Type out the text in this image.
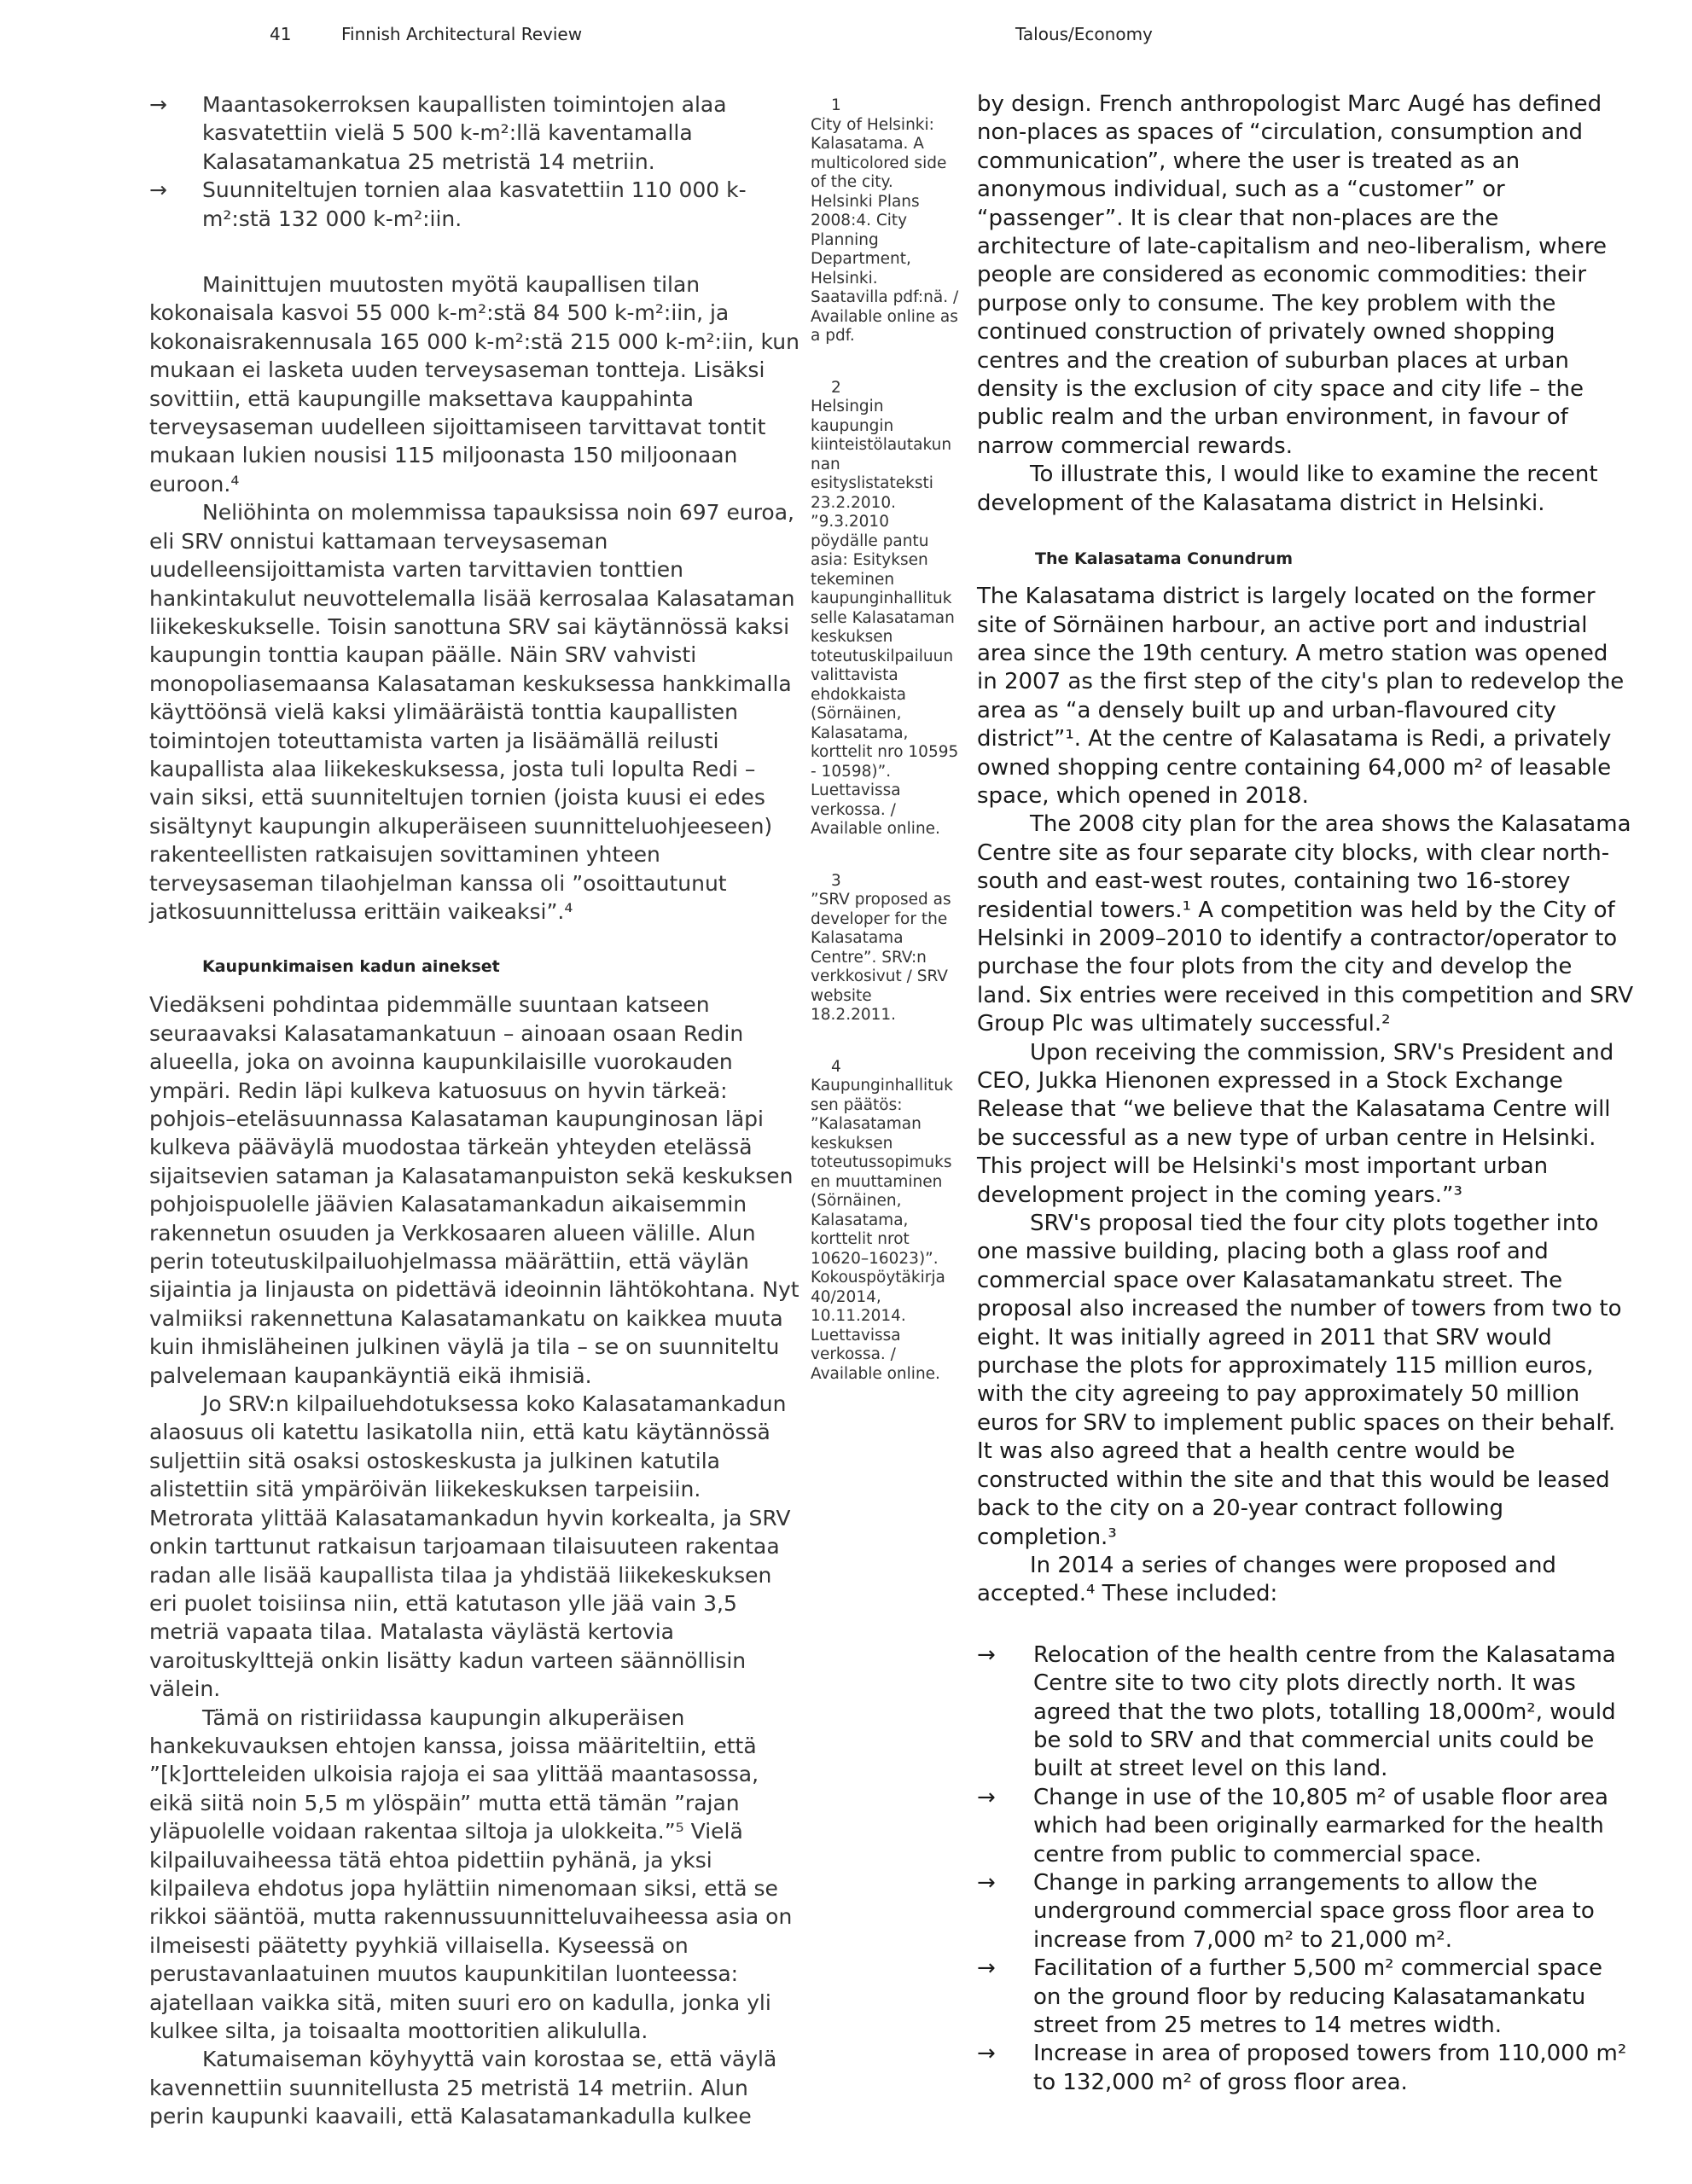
41	Finnish Architectural Review	Talous/Economy
→ Maantasokerroksen kaupallisten toimintojen alaa kasvatettiin vielä 5 500 k-m²:llä kaventamalla Kalasatamankatua 25 metristä 14 metriin.
→ Suunniteltujen tornien alaa kasvatettiin 110 000 k-m²:stä 132 000 k-m²:iin.

Mainittujen muutosten myötä kaupallisen tilan kokonaisala kasvoi 55 000 k-m²:stä 84 500 k-m²:iin, ja kokonaisrakennusala 165 000 k-m²:stä 215 000 k-m²:iin, kun mukaan ei lasketa uuden terveysaseman tontteja. Lisäksi sovittiin, että kaupungille maksettava kauppahinta terveysaseman uudelleen sijoittamiseen tarvittavat tontit mukaan lukien nousisi 115 miljoonasta 150 miljoonaan euroon.⁴

Neliöhinta on molemmissa tapauksissa noin 697 euroa, eli SRV onnistui kattamaan terveysaseman uudelleensijoittamista varten tarvittavien tonttien hankintakulut neuvottelemalla lisää kerrosalaa Kalasataman liikekeskukselle. Toisin sanottuna SRV sai käytännössä kaksi kaupungin tonttia kaupan päälle. Näin SRV vahvisti monopoliasemaansa Kalasataman keskuksessa hankkimalla käyttöönsä vielä kaksi ylimääräistä tonttia kaupallisten toimintojen toteuttamista varten ja lisäämällä reilusti kaupallista alaa liikekeskuksessa, josta tuli lopulta Redi – vain siksi, että suunniteltujen tornien (joista kuusi ei edes sisältynyt kaupungin alkuperäiseen suunnitteluohjeeseen) rakenteellisten ratkaisujen sovittaminen yhteen terveysaseman tilaohjelman kanssa oli ”osoittautunut jatkosuunnittelussa erittäin vaikeaksi”.⁴

Kaupunkimaisen kadun ainekset

Viedäkseni pohdintaa pidemmälle suuntaan katseen seuraavaksi Kalasatamankatuun – ainoaan osaan Redin alueella, joka on avoinna kaupunkilaisille vuorokauden ympäri. Redin läpi kulkeva katuosuus on hyvin tärkeä: pohjois–eteläsuunnassa Kalasataman kaupunginosan läpi kulkeva pääväylä muodostaa tärkeän yhteyden etelässä sijaitsevien sataman ja Kalasatamanpuiston sekä keskuksen pohjoispuolelle jäävien Kalasatamankadun aikaisemmin rakennetun osuuden ja Verkkosaaren alueen välille. Alun perin toteutuskilpailuohjelmassa määrättiin, että väylän sijaintia ja linjausta on pidettävä ideoinnin lähtökohtana. Nyt valmiiksi rakennettuna Kalasatamankatu on kaikkea muuta kuin ihmisläheinen julkinen väylä ja tila – se on suunniteltu palvelemaan kaupankäyntiä eikä ihmisiä.

Jo SRV:n kilpailuehdotuksessa koko Kalasatamankadun alaosuus oli katettu lasikatolla niin, että katu käytännössä suljettiin sitä osaksi ostoskeskusta ja julkinen katutila alistettiin sitä ympäröivän liikekeskuksen tarpeisiin. Metrorata ylittää Kalasatamankadun hyvin korkealta, ja SRV onkin tarttunut ratkaisun tarjoamaan tilaisuuteen rakentaa radan alle lisää kaupallista tilaa ja yhdistää liikekeskuksen eri puolet toisiinsa niin, että katutason ylle jää vain 3,5 metriä vapaata tilaa. Matalasta väylästä kertovia varoituskylttejä onkin lisätty kadun varteen säännöllisin välein.

Tämä on ristiriidassa kaupungin alkuperäisen hankekuvauksen ehtojen kanssa, joissa määriteltiin, että ”[k]ortteleiden ulkoisia rajoja ei saa ylittää maantasossa, eikä siitä noin 5,5 m ylöspäin” mutta että tämän ”rajan yläpuolelle voidaan rakentaa siltoja ja ulokkeita.”⁵ Vielä kilpailuvaiheessa tätä ehtoa pidettiin pyhänä, ja yksi kilpaileva ehdotus jopa hylättiin nimenomaan siksi, että se rikkoi sääntöä, mutta rakennussuunnitteluvaiheessa asia on ilmeisesti päätetty pyyhkiä villaisella. Kyseessä on perustavanlaatuinen muutos kaupunkitilan luonteessa: ajatellaan vaikka sitä, miten suuri ero on kadulla, jonka yli kulkee silta, ja toisaalta moottoritien alikululla.

Katumaiseman köyhyyttä vain korostaa se, että väylä kavennettiin suunnitellusta 25 metristä 14 metriin. Alun perin kaupunki kaavaili, että Kalasatamankadulla kulkee

1
City of Helsinki: Kalasatama. A multicolored side of the city. Helsinki Plans 2008:4. City Planning Department, Helsinki. Saatavilla pdf:nä. / Available online as a pdf.
2
Helsingin kaupungin kiinteistölautakunnan esityslistateksti 23.2.2010. ”9.3.2010 pöydälle pantu asia: Esityksen tekeminen kaupunginhallitukselle Kalasataman keskuksen toteutuskilpailuun valittavista ehdokkaista (Sörnäinen, Kalasatama, korttelit nro 10595 - 10598)”. Luettavissa verkossa. / Available online.
3
”SRV proposed as developer for the Kalasatama Centre”. SRV:n verkkosivut / SRV website 18.2.2011.
4
Kaupunginhallituksen päätös: ”Kalasataman keskuksen toteutussopimuksen muuttaminen (Sörnäinen, Kalasatama, korttelit nrot 10620–16023)”. Kokouspöytäkirja 40/2014, 10.11.2014. Luettavissa verkossa. / Available online.

by design. French anthropologist Marc Augé has defined non-places as spaces of “circulation, consumption and communication”, where the user is treated as an anonymous individual, such as a “customer” or “passenger”. It is clear that non-places are the architecture of late-capitalism and neo-liberalism, where people are considered as economic commodities: their purpose only to consume. The key problem with the continued construction of privately owned shopping centres and the creation of suburban places at urban density is the exclusion of city space and city life – the public realm and the urban environment, in favour of narrow commercial rewards.

To illustrate this, I would like to examine the recent development of the Kalasatama district in Helsinki.

The Kalasatama Conundrum

The Kalasatama district is largely located on the former site of Sörnäinen harbour, an active port and industrial area since the 19th century. A metro station was opened in 2007 as the first step of the city's plan to redevelop the area as “a densely built up and urban-flavoured city district”¹. At the centre of Kalasatama is Redi, a privately owned shopping centre containing 64,000 m² of leasable space, which opened in 2018.

The 2008 city plan for the area shows the Kalasatama Centre site as four separate city blocks, with clear north-south and east-west routes, containing two 16-storey residential towers.¹ A competition was held by the City of Helsinki in 2009–2010 to identify a contractor/operator to purchase the four plots from the city and develop the land. Six entries were received in this competition and SRV Group Plc was ultimately successful.²

Upon receiving the commission, SRV's President and CEO, Jukka Hienonen expressed in a Stock Exchange Release that “we believe that the Kalasatama Centre will be successful as a new type of urban centre in Helsinki. This project will be Helsinki's most important urban development project in the coming years.”³

SRV's proposal tied the four city plots together into one massive building, placing both a glass roof and commercial space over Kalasatamankatu street. The proposal also increased the number of towers from two to eight. It was initially agreed in 2011 that SRV would purchase the plots for approximately 115 million euros, with the city agreeing to pay approximately 50 million euros for SRV to implement public spaces on their behalf. It was also agreed that a health centre would be constructed within the site and that this would be leased back to the city on a 20-year contract following completion.³

In 2014 a series of changes were proposed and accepted.⁴ These included:

→ Relocation of the health centre from the Kalasatama Centre site to two city plots directly north. It was agreed that the two plots, totalling 18,000m², would be sold to SRV and that commercial units could be built at street level on this land.
→ Change in use of the 10,805 m² of usable floor area which had been originally earmarked for the health centre from public to commercial space.
→ Change in parking arrangements to allow the underground commercial space gross floor area to increase from 7,000 m² to 21,000 m².
→ Facilitation of a further 5,500 m² commercial space on the ground floor by reducing Kalasatamankatu street from 25 metres to 14 metres width.
→ Increase in area of proposed towers from 110,000 m² to 132,000 m² of gross floor area.
